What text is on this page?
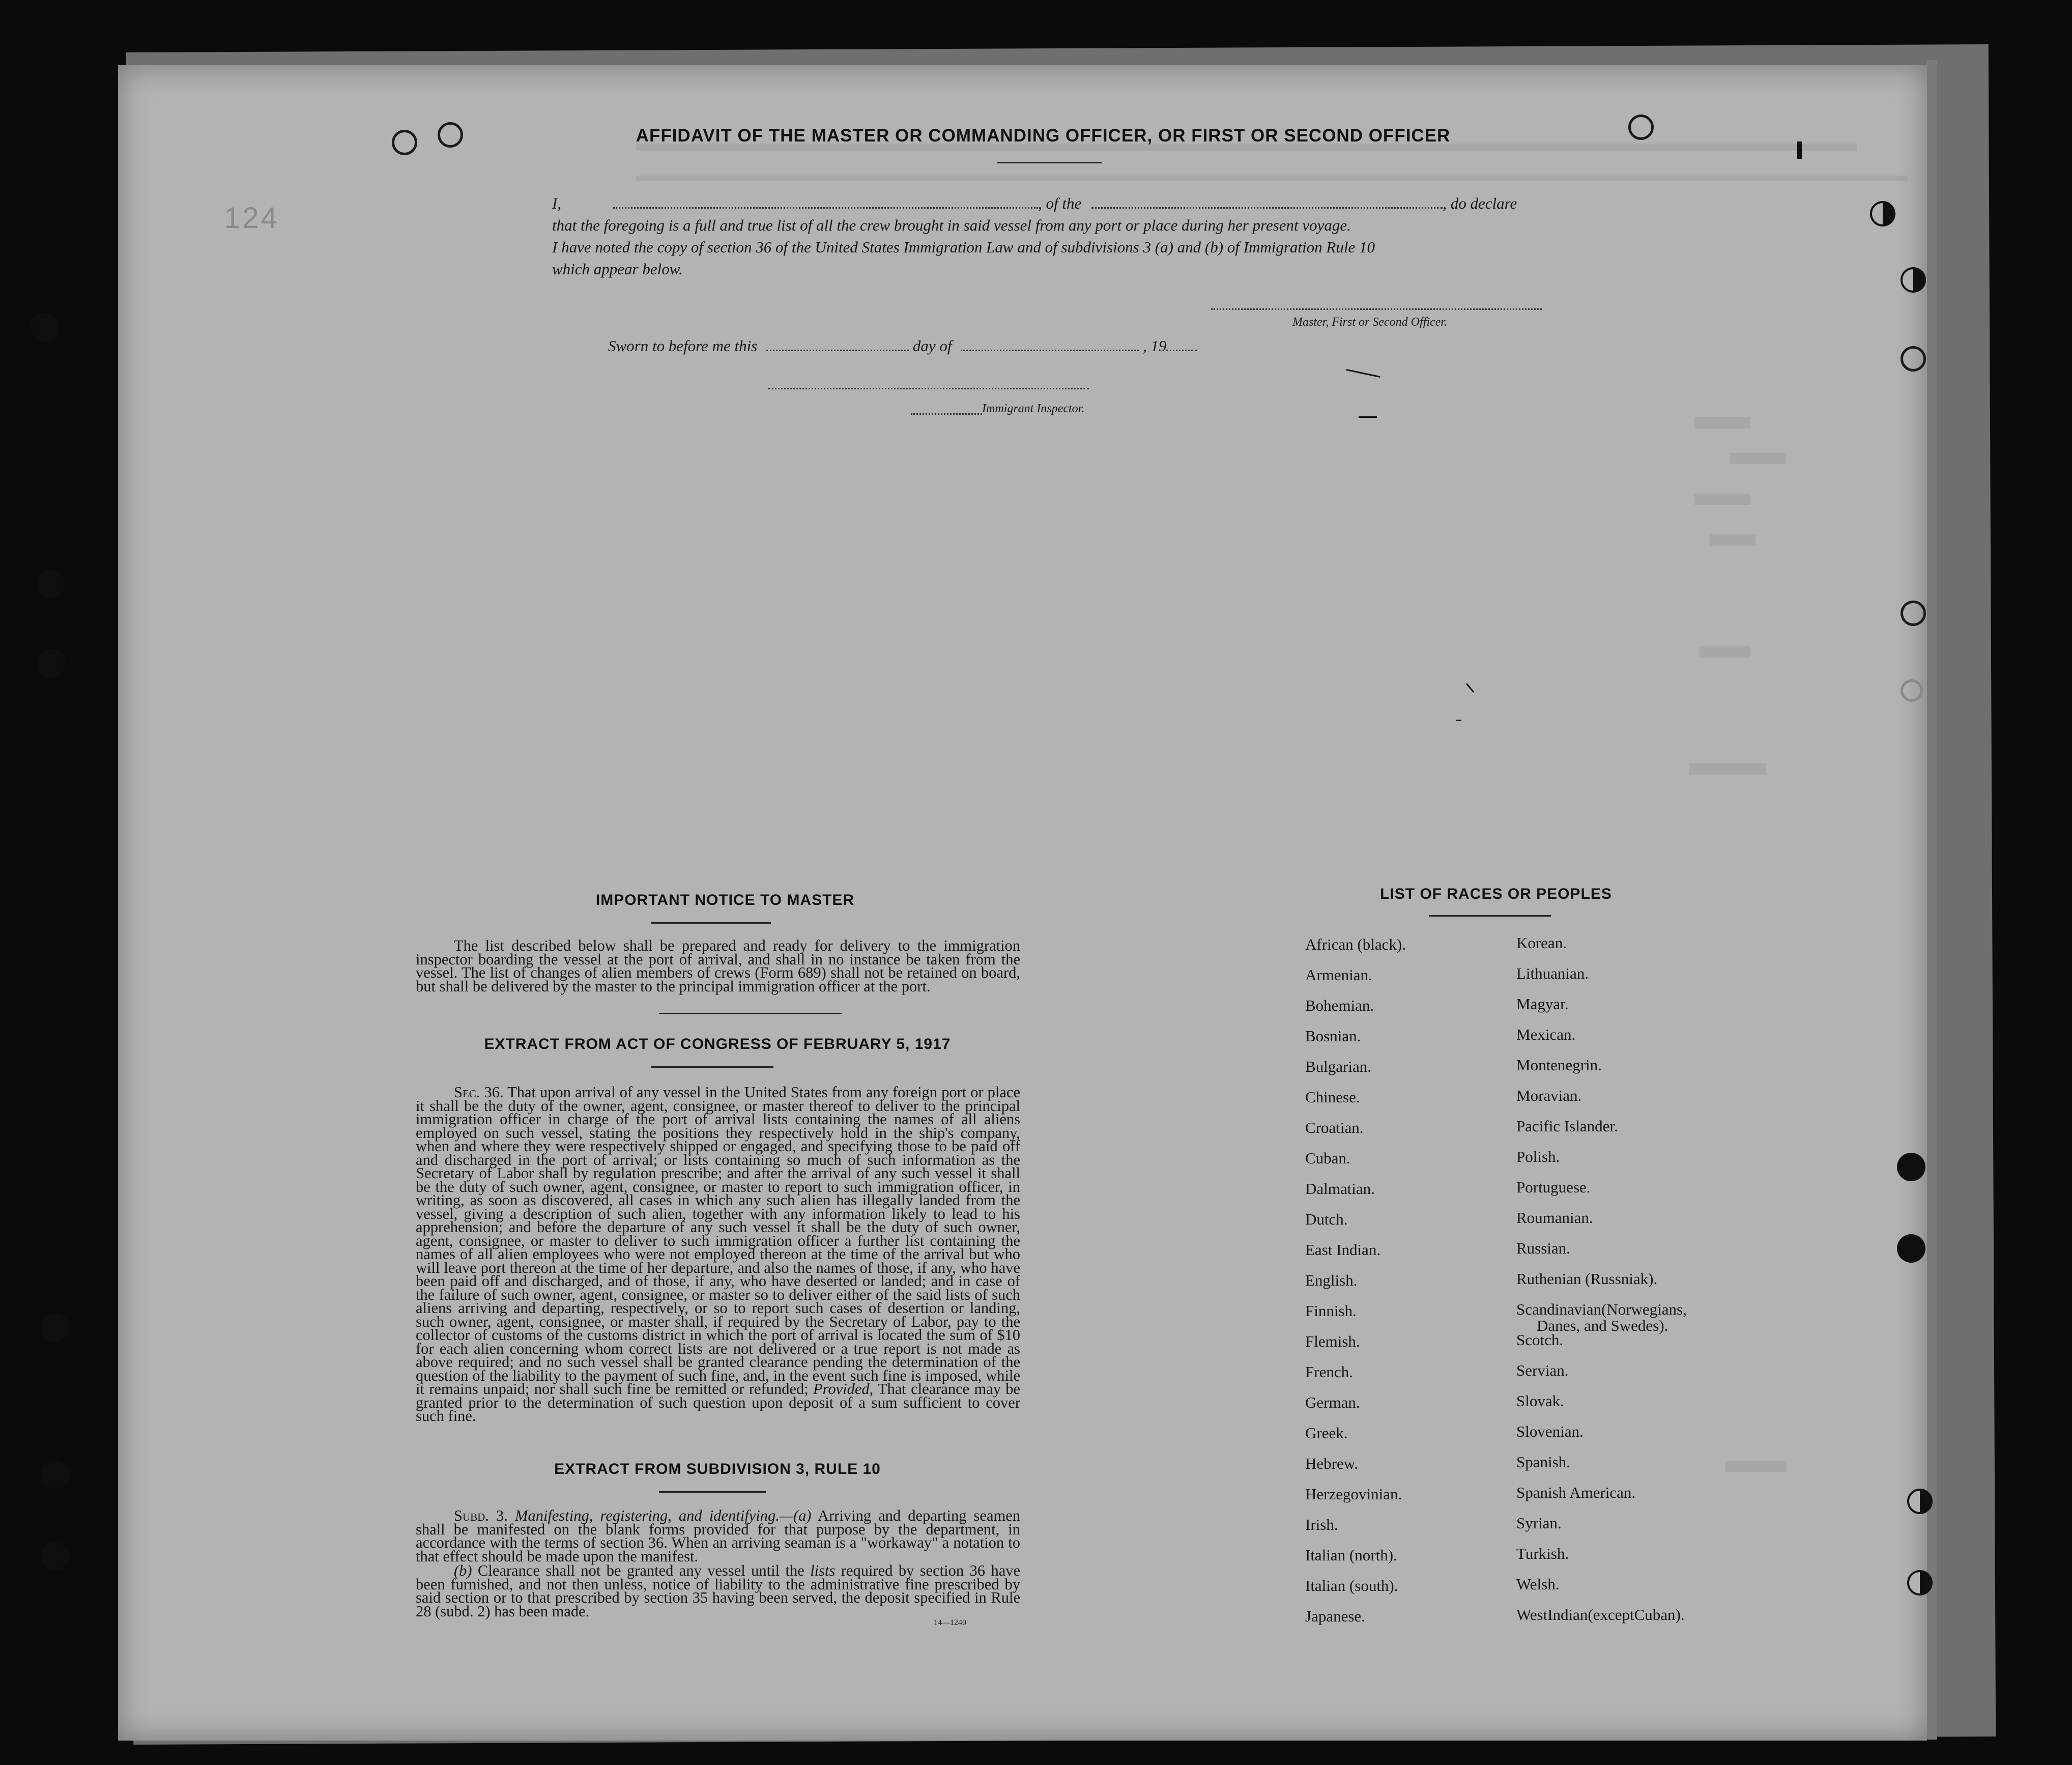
124
AFFIDAVIT OF THE MASTER OR COMMANDING OFFICER, OR FIRST OR SECOND OFFICER
I,	, of the	, do declare
that the foregoing is a full and true list of all the crew brought in said vessel from any port or place during her present voyage.
I have noted the copy of section 36 of the United States Immigration Law and of subdivisions 3 (a) and (b) of Immigration Rule 10
which appear below.
Master, First or Second Officer.
Sworn to before me this	day of	, 19
Immigrant Inspector.
IMPORTANT NOTICE TO MASTER
The list described below shall be prepared and ready for delivery to the immigration inspector boarding the vessel at the port of arrival, and shall in no instance be taken from the vessel. The list of changes of alien members of crews (Form 689) shall not be retained on board, but shall be delivered by the master to the principal immigration officer at the port.
EXTRACT FROM ACT OF CONGRESS OF FEBRUARY 5, 1917
Sec. 36. That upon arrival of any vessel in the United States from any foreign port or place it shall be the duty of the owner, agent, consignee, or master thereof to deliver to the principal immigration officer in charge of the port of arrival lists containing the names of all aliens employed on such vessel, stating the positions they respectively hold in the ship's company, when and where they were respectively shipped or engaged, and specifying those to be paid off and discharged in the port of arrival; or lists containing so much of such information as the Secretary of Labor shall by regulation prescribe; and after the arrival of any such vessel it shall be the duty of such owner, agent, consignee, or master to report to such immigration officer, in writing, as soon as discovered, all cases in which any such alien has illegally landed from the vessel, giving a description of such alien, together with any information likely to lead to his apprehension; and before the departure of any such vessel it shall be the duty of such owner, agent, consignee, or master to deliver to such immigration officer a further list containing the names of all alien employees who were not employed thereon at the time of the arrival but who will leave port thereon at the time of her departure, and also the names of those, if any, who have been paid off and discharged, and of those, if any, who have deserted or landed; and in case of the failure of such owner, agent, consignee, or master so to deliver either of the said lists of such aliens arriving and departing, respectively, or so to report such cases of desertion or landing, such owner, agent, consignee, or master shall, if required by the Secretary of Labor, pay to the collector of customs of the customs district in which the port of arrival is located the sum of $10 for each alien concerning whom correct lists are not delivered or a true report is not made as above required; and no such vessel shall be granted clearance pending the determination of the question of the liability to the payment of such fine, and, in the event such fine is imposed, while it remains unpaid; nor shall such fine be remitted or refunded; Provided, That clearance may be granted prior to the determination of such question upon deposit of a sum sufficient to cover such fine.
EXTRACT FROM SUBDIVISION 3, RULE 10
Subd. 3. Manifesting, registering, and identifying.—(a) Arriving and departing seamen shall be manifested on the blank forms provided for that purpose by the department, in accordance with the terms of section 36. When an arriving seaman is a "workaway" a notation to that effect should be made upon the manifest.
(b) Clearance shall not be granted any vessel until the lists required by section 36 have been furnished, and not then unless, notice of liability to the administrative fine prescribed by said section or to that prescribed by section 35 having been served, the deposit specified in Rule 28 (subd. 2) has been made.
14—1240
LIST OF RACES OR PEOPLES
African (black).
Armenian.
Bohemian.
Bosnian.
Bulgarian.
Chinese.
Croatian.
Cuban.
Dalmatian.
Dutch.
East Indian.
English.
Finnish.
Flemish.
French.
German.
Greek.
Hebrew.
Herzegovinian.
Irish.
Italian (north).
Italian (south).
Japanese.
Korean.
Lithuanian.
Magyar.
Mexican.
Montenegrin.
Moravian.
Pacific Islander.
Polish.
Portuguese.
Roumanian.
Russian.
Ruthenian (Russniak).
Scandinavian(Norwegians,
Danes, and Swedes).
Scotch.
Servian.
Slovak.
Slovenian.
Spanish.
Spanish American.
Syrian.
Turkish.
Welsh.
WestIndian(exceptCuban).
